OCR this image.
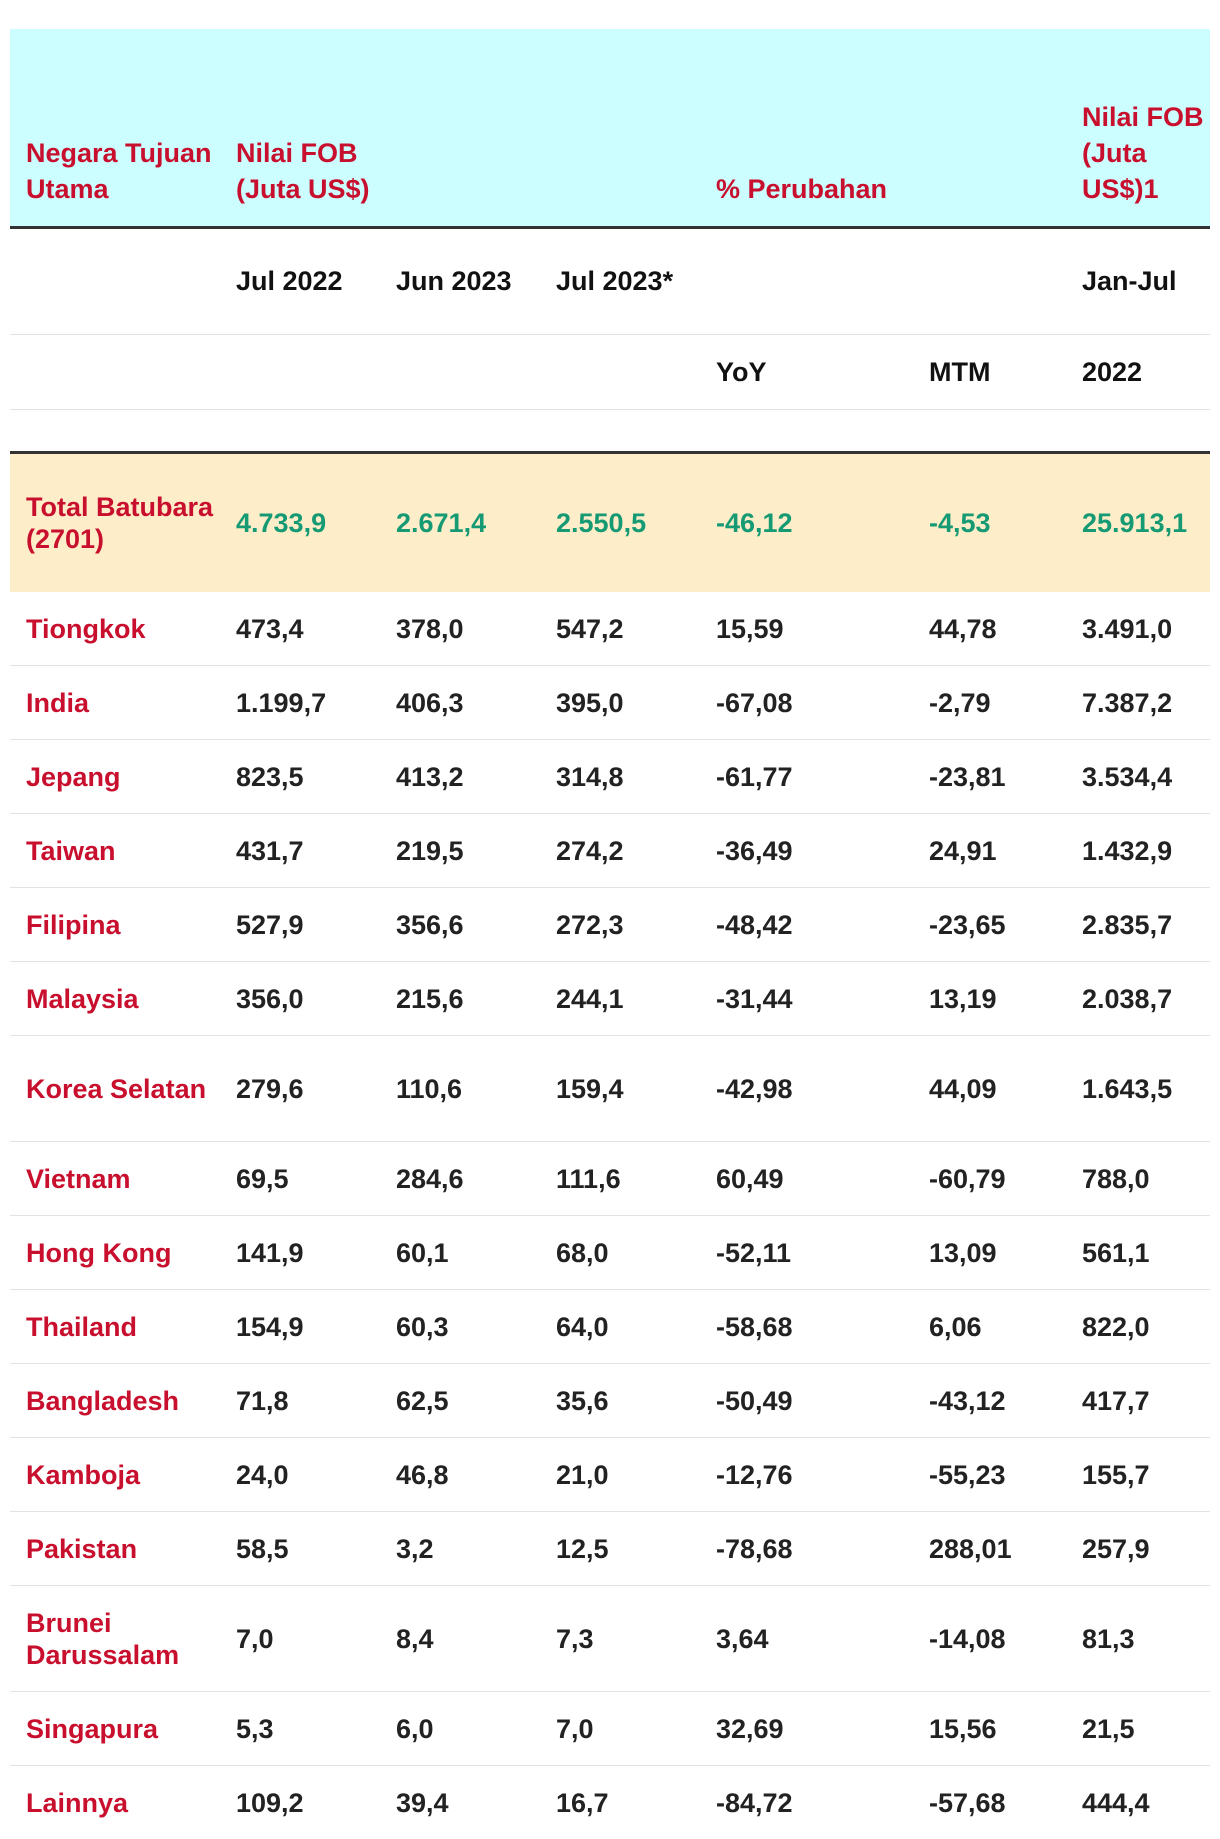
Negara Tujuan Utama	Nilai FOB (Juta US$)			% Perubahan		Nilai FOB (Juta US$)1
	Jul 2022	Jun 2023	Jul 2023*			Jan-Jul
				YoY	MTM	2022

Total Batubara (2701)	4.733,9	2.671,4	2.550,5	-46,12	-4,53	25.913,1
Tiongkok	473,4	378,0	547,2	15,59	44,78	3.491,0
India	1.199,7	406,3	395,0	-67,08	-2,79	7.387,2
Jepang	823,5	413,2	314,8	-61,77	-23,81	3.534,4
Taiwan	431,7	219,5	274,2	-36,49	24,91	1.432,9
Filipina	527,9	356,6	272,3	-48,42	-23,65	2.835,7
Malaysia	356,0	215,6	244,1	-31,44	13,19	2.038,7
Korea Selatan	279,6	110,6	159,4	-42,98	44,09	1.643,5
Vietnam	69,5	284,6	111,6	60,49	-60,79	788,0
Hong Kong	141,9	60,1	68,0	-52,11	13,09	561,1
Thailand	154,9	60,3	64,0	-58,68	6,06	822,0
Bangladesh	71,8	62,5	35,6	-50,49	-43,12	417,7
Kamboja	24,0	46,8	21,0	-12,76	-55,23	155,7
Pakistan	58,5	3,2	12,5	-78,68	288,01	257,9
Brunei Darussalam	7,0	8,4	7,3	3,64	-14,08	81,3
Singapura	5,3	6,0	7,0	32,69	15,56	21,5
Lainnya	109,2	39,4	16,7	-84,72	-57,68	444,4
